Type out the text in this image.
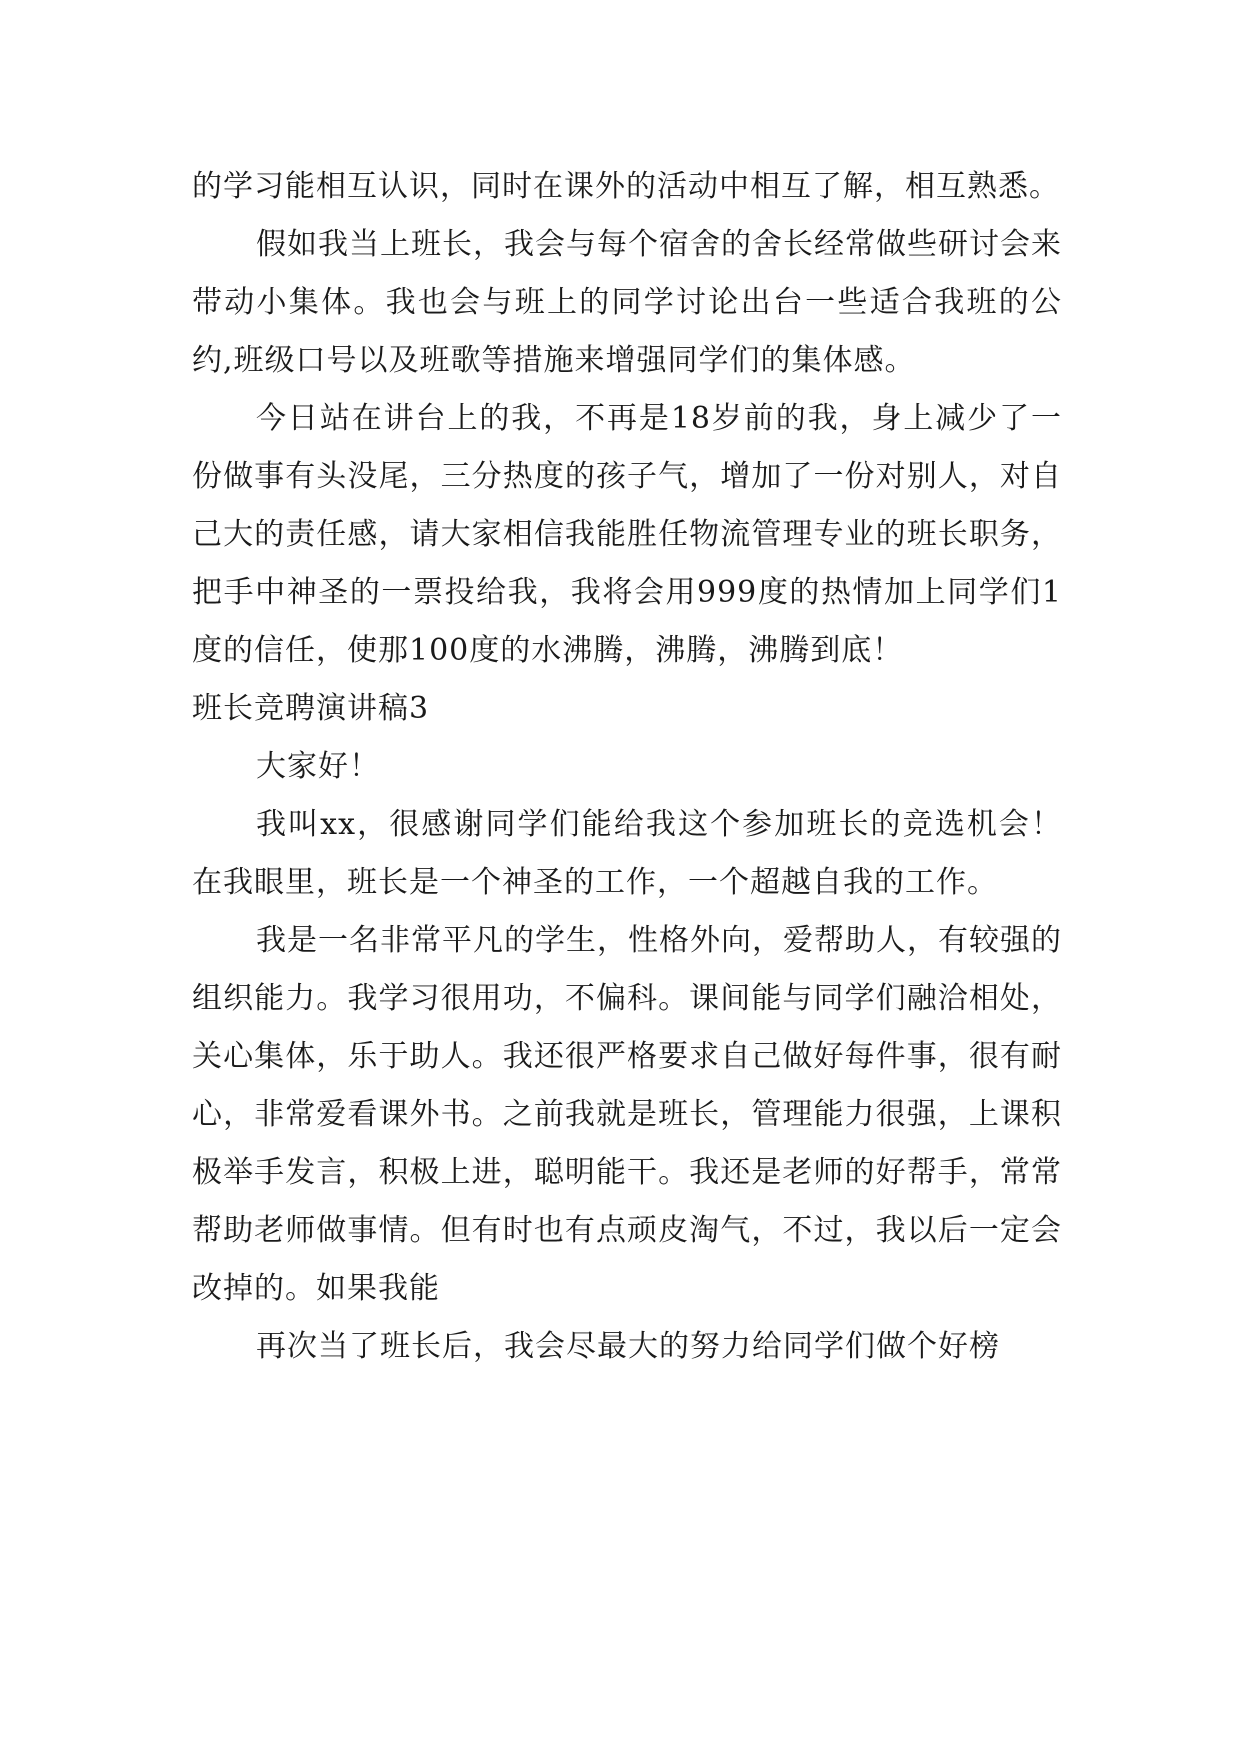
的学习能相互认识，同时在课外的活动中相互了解，相互熟悉。

假如我当上班长，我会与每个宿舍的舍长经常做些研讨会来带动小集体。我也会与班上的同学讨论出台一些适合我班的公约,班级口号以及班歌等措施来增强同学们的集体感。

今日站在讲台上的我，不再是18岁前的我，身上减少了一份做事有头没尾，三分热度的孩子气，增加了一份对别人，对自己大的责任感，请大家相信我能胜任物流管理专业的班长职务，把手中神圣的一票投给我，我将会用999度的热情加上同学们1度的信任，使那100度的水沸腾，沸腾，沸腾到底！

班长竞聘演讲稿3

大家好！

我叫xx，很感谢同学们能给我这个参加班长的竞选机会！在我眼里，班长是一个神圣的工作，一个超越自我的工作。

我是一名非常平凡的学生，性格外向，爱帮助人，有较强的组织能力。我学习很用功，不偏科。课间能与同学们融洽相处，关心集体，乐于助人。我还很严格要求自己做好每件事，很有耐心，非常爱看课外书。之前我就是班长，管理能力很强，上课积极举手发言，积极上进，聪明能干。我还是老师的好帮手，常常帮助老师做事情。但有时也有点顽皮淘气，不过，我以后一定会改掉的。如果我能

再次当了班长后，我会尽最大的努力给同学们做个好榜
